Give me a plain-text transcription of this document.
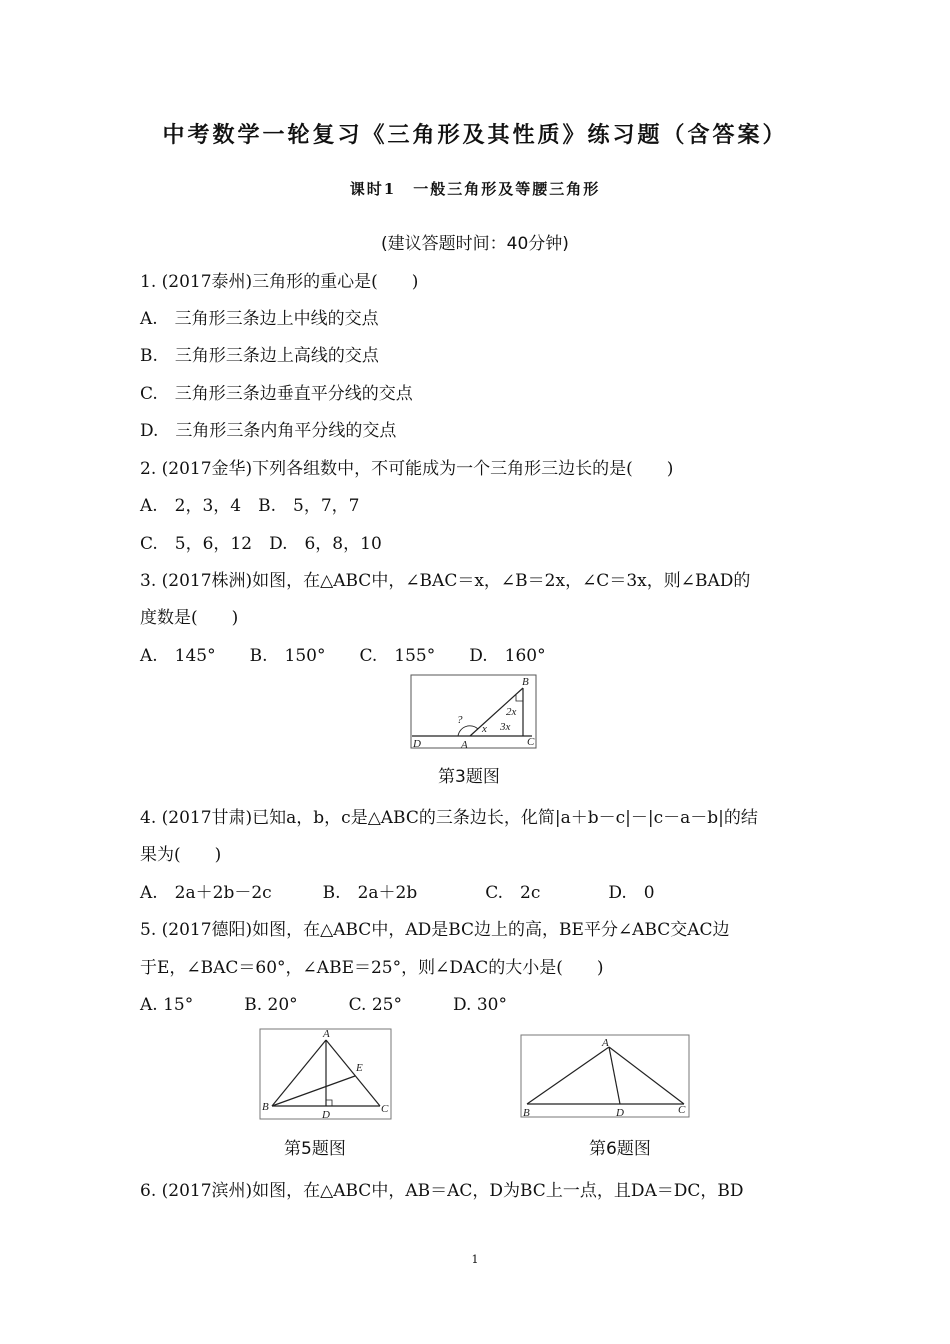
中考数学一轮复习《三角形及其性质》练习题（含答案）
课时1　一般三角形及等腰三角形
(建议答题时间：40分钟)
1. (2017泰州)三角形的重心是(　　)
A.　三角形三条边上中线的交点
B.　三角形三条边上高线的交点
C.　三角形三条边垂直平分线的交点
D.　三角形三条内角平分线的交点
2. (2017金华)下列各组数中，不可能成为一个三角形三边长的是(　　)
A.　2，3，4　B.　5，7，7
C.　5，6，12　D.　6，8，10
3. (2017株洲)如图，在△ABC中，∠BAC＝x，∠B＝2x，∠C＝3x，则∠BAD的
度数是(　　)
A.　145°　　B.　150°　　C.　155°　　D.　160°
B
C
D	A
?
x
2x
3x
第3题图
4. (2017甘肃)已知a，b，c是△ABC的三条边长，化简|a＋b－c|－|c－a－b|的结
果为(　　)
A.　2a＋2b－2c　　　B.　2a＋2b　　　　C.　2c　　　　D.　0
5. (2017德阳)如图，在△ABC中，AD是BC边上的高，BE平分∠ABC交AC边
于E，∠BAC＝60°，∠ABE＝25°，则∠DAC的大小是(　　)
A. 15°　　　B. 20°　　　C. 25°　　　D. 30°
A
E
B
D	C
第5题图
A
B	D	C
第6题图
6. (2017滨州)如图，在△ABC中，AB＝AC，D为BC上一点，且DA＝DC，BD
1
